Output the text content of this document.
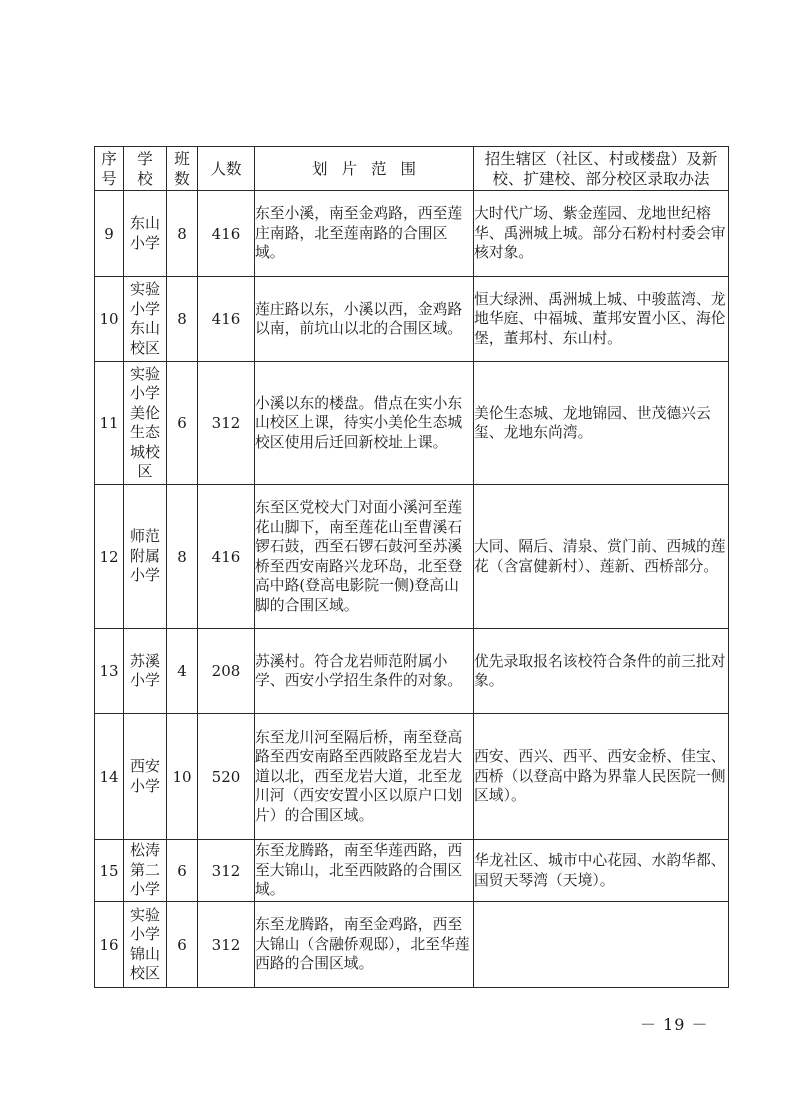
序号	学校	班数	人数	划片范围	招生辖区（社区、村或楼盘）及新校、扩建校、部分校区录取办法
9	东山小学	8	416	东至小溪，南至金鸡路，西至莲庄南路，北至莲南路的合围区域。	大时代广场、紫金莲园、龙地世纪榕华、禹洲城上城。部分石粉村村委会审核对象。
10	实验小学东山校区	8	416	莲庄路以东，小溪以西，金鸡路以南，前坑山以北的合围区域。	恒大绿洲、禹洲城上城、中骏蓝湾、龙地华庭、中福城、董邦安置小区、海伦堡，董邦村、东山村。
11	实验小学美伦生态城校区	6	312	小溪以东的楼盘。借点在实小东山校区上课，待实小美伦生态城校区使用后迁回新校址上课。	美伦生态城、龙地锦园、世茂德兴云玺、龙地东尚湾。
12	师范附属小学	8	416	东至区党校大门对面小溪河至莲花山脚下，南至莲花山至曹溪石锣石鼓，西至石锣石鼓河至苏溪桥至西安南路兴龙环岛，北至登高中路(登高电影院一侧)登高山脚的合围区域。	大同、隔后、清泉、赏门前、西城的莲花（含富健新村）、莲新、西桥部分。
13	苏溪小学	4	208	苏溪村。符合龙岩师范附属小学、西安小学招生条件的对象。	优先录取报名该校符合条件的前三批对象。
14	西安小学	10	520	东至龙川河至隔后桥，南至登高路至西安南路至西陂路至龙岩大道以北，西至龙岩大道，北至龙川河（西安安置小区以原户口划片）的合围区域。	西安、西兴、西平、西安金桥、佳宝、西桥（以登高中路为界靠人民医院一侧区域）。
15	松涛第二小学	6	312	东至龙腾路，南至华莲西路，西至大锦山，北至西陂路的合围区域。	华龙社区、城市中心花园、水韵华都、国贸天琴湾（天境）。
16	实验小学锦山校区	6	312	东至龙腾路，南至金鸡路，西至大锦山（含融侨观邸），北至华莲西路的合围区域。	
－ 19 －
